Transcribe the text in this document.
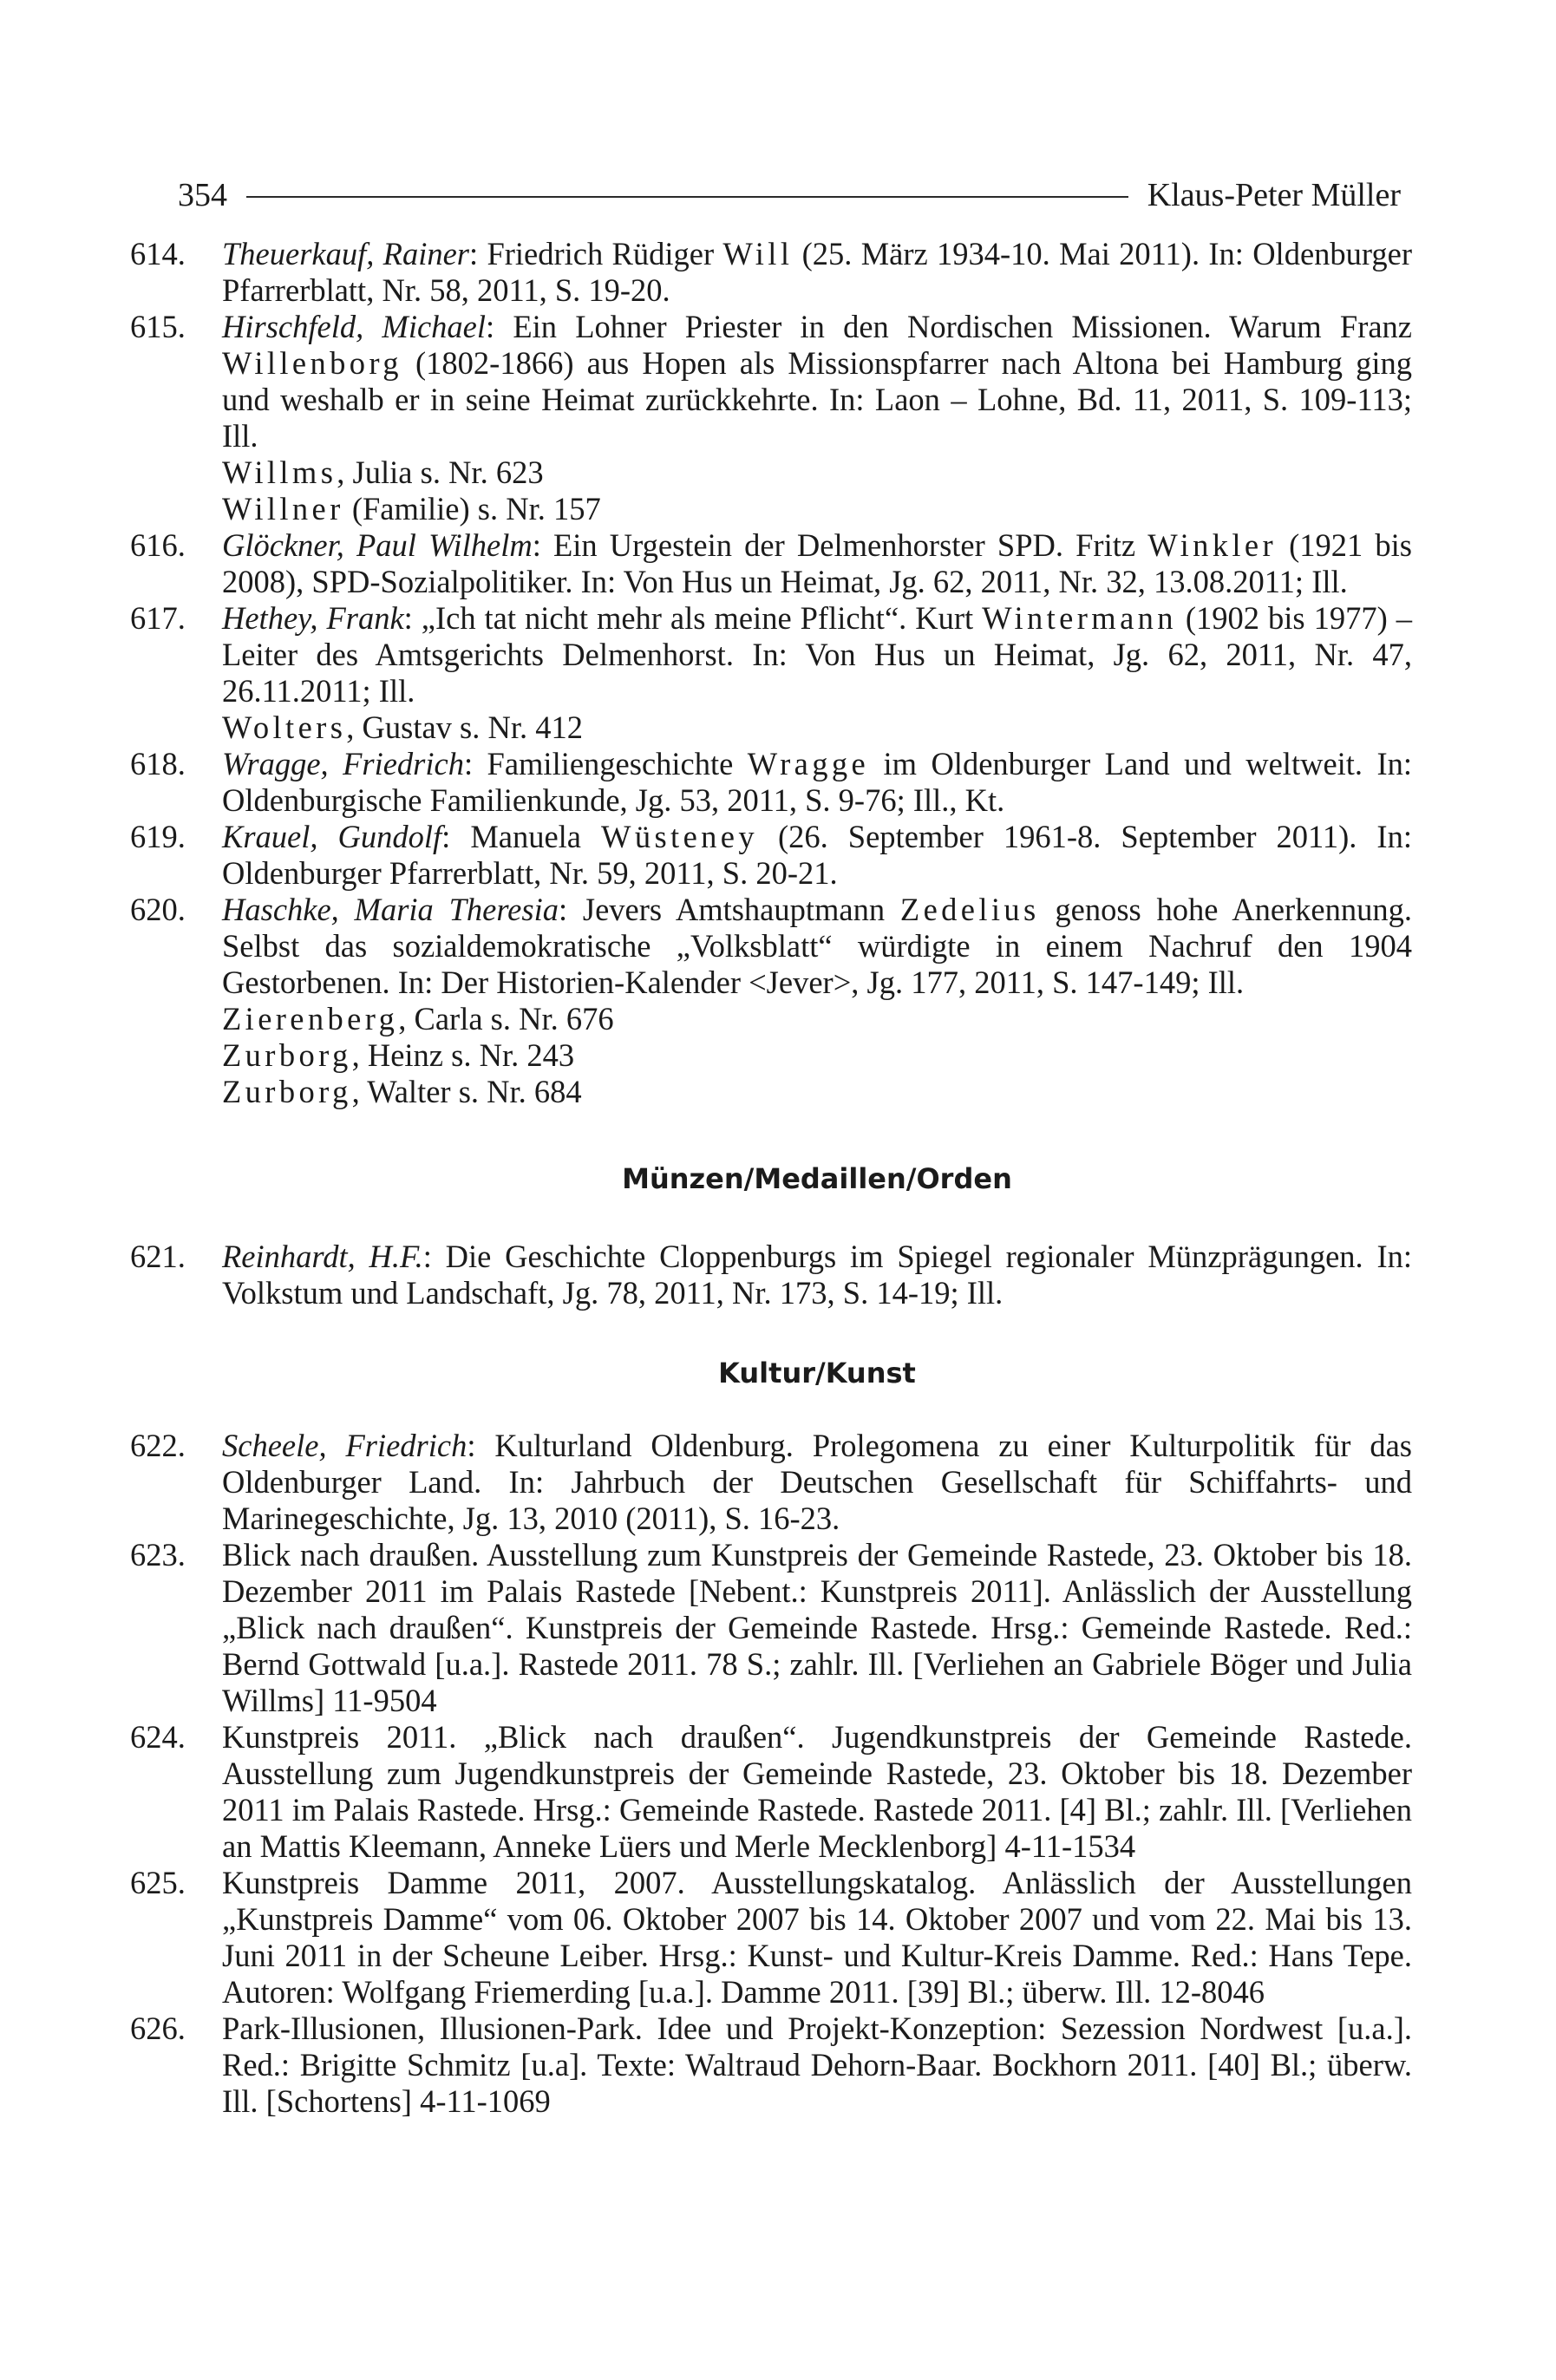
354	Klaus-Peter Müller
614.	Theuerkauf, Rainer: Friedrich Rüdiger Will (25. März 1934-10. Mai 2011). In: Oldenburger Pfarrerblatt, Nr. 58, 2011, S. 19-20.
615.	Hirschfeld, Michael: Ein Lohner Priester in den Nordischen Missionen. Warum Franz Willenborg (1802-1866) aus Hopen als Missionspfarrer nach Altona bei Hamburg ging und weshalb er in seine Heimat zurückkehrte. In: Laon – Lohne, Bd. 11, 2011, S. 109-113; Ill.
Willms, Julia s. Nr. 623
Willner (Familie) s. Nr. 157
616.	Glöckner, Paul Wilhelm: Ein Urgestein der Delmenhorster SPD. Fritz Winkler (1921 bis 2008), SPD-Sozialpolitiker. In: Von Hus un Heimat, Jg. 62, 2011, Nr. 32, 13.08.2011; Ill.
617.	Hethey, Frank: „Ich tat nicht mehr als meine Pflicht“. Kurt Wintermann (1902 bis 1977) – Leiter des Amtsgerichts Delmenhorst. In: Von Hus un Heimat, Jg. 62, 2011, Nr. 47, 26.11.2011; Ill.
Wolters, Gustav s. Nr. 412
618.	Wragge, Friedrich: Familiengeschichte Wragge im Oldenburger Land und weltweit. In: Oldenburgische Familienkunde, Jg. 53, 2011, S. 9-76; Ill., Kt.
619.	Krauel, Gundolf: Manuela Wüsteney (26. September 1961-8. September 2011). In: Oldenburger Pfarrerblatt, Nr. 59, 2011, S. 20-21.
620.	Haschke, Maria Theresia: Jevers Amtshauptmann Zedelius genoss hohe Anerkennung. Selbst das sozialdemokratische „Volksblatt“ würdigte in einem Nachruf den 1904 Gestorbenen. In: Der Historien-Kalender <Jever>, Jg. 177, 2011, S. 147-149; Ill.
Zierenberg, Carla s. Nr. 676
Zurborg, Heinz s. Nr. 243
Zurborg, Walter s. Nr. 684
Münzen/Medaillen/Orden
621.	Reinhardt, H.F.: Die Geschichte Cloppenburgs im Spiegel regionaler Münzprägungen. In: Volkstum und Landschaft, Jg. 78, 2011, Nr. 173, S. 14-19; Ill.
Kultur/Kunst
622.	Scheele, Friedrich: Kulturland Oldenburg. Prolegomena zu einer Kulturpolitik für das Oldenburger Land. In: Jahrbuch der Deutschen Gesellschaft für Schiffahrts- und Marinegeschichte, Jg. 13, 2010 (2011), S. 16-23.
623.	Blick nach draußen. Ausstellung zum Kunstpreis der Gemeinde Rastede, 23. Oktober bis 18. Dezember 2011 im Palais Rastede [Nebent.: Kunstpreis 2011]. Anlässlich der Ausstellung „Blick nach draußen“. Kunstpreis der Gemeinde Rastede. Hrsg.: Gemeinde Rastede. Red.: Bernd Gottwald [u.a.]. Rastede 2011. 78 S.; zahlr. Ill. [Verliehen an Gabriele Böger und Julia Willms] 11-9504
624.	Kunstpreis 2011. „Blick nach draußen“. Jugendkunstpreis der Gemeinde Rastede. Ausstellung zum Jugendkunstpreis der Gemeinde Rastede, 23. Oktober bis 18. Dezember 2011 im Palais Rastede. Hrsg.: Gemeinde Rastede. Rastede 2011. [4] Bl.; zahlr. Ill. [Verliehen an Mattis Kleemann, Anneke Lüers und Merle Mecklenborg] 4-11-1534
625.	Kunstpreis Damme 2011, 2007. Ausstellungskatalog. Anlässlich der Ausstellungen „Kunstpreis Damme“ vom 06. Oktober 2007 bis 14. Oktober 2007 und vom 22. Mai bis 13. Juni 2011 in der Scheune Leiber. Hrsg.: Kunst- und Kultur-Kreis Damme. Red.: Hans Tepe. Autoren: Wolfgang Friemerding [u.a.]. Damme 2011. [39] Bl.; überw. Ill. 12-8046
626.	Park-Illusionen, Illusionen-Park. Idee und Projekt-Konzeption: Sezession Nordwest [u.a.]. Red.: Brigitte Schmitz [u.a]. Texte: Waltraud Dehorn-Baar. Bockhorn 2011. [40] Bl.; überw. Ill. [Schortens] 4-11-1069
